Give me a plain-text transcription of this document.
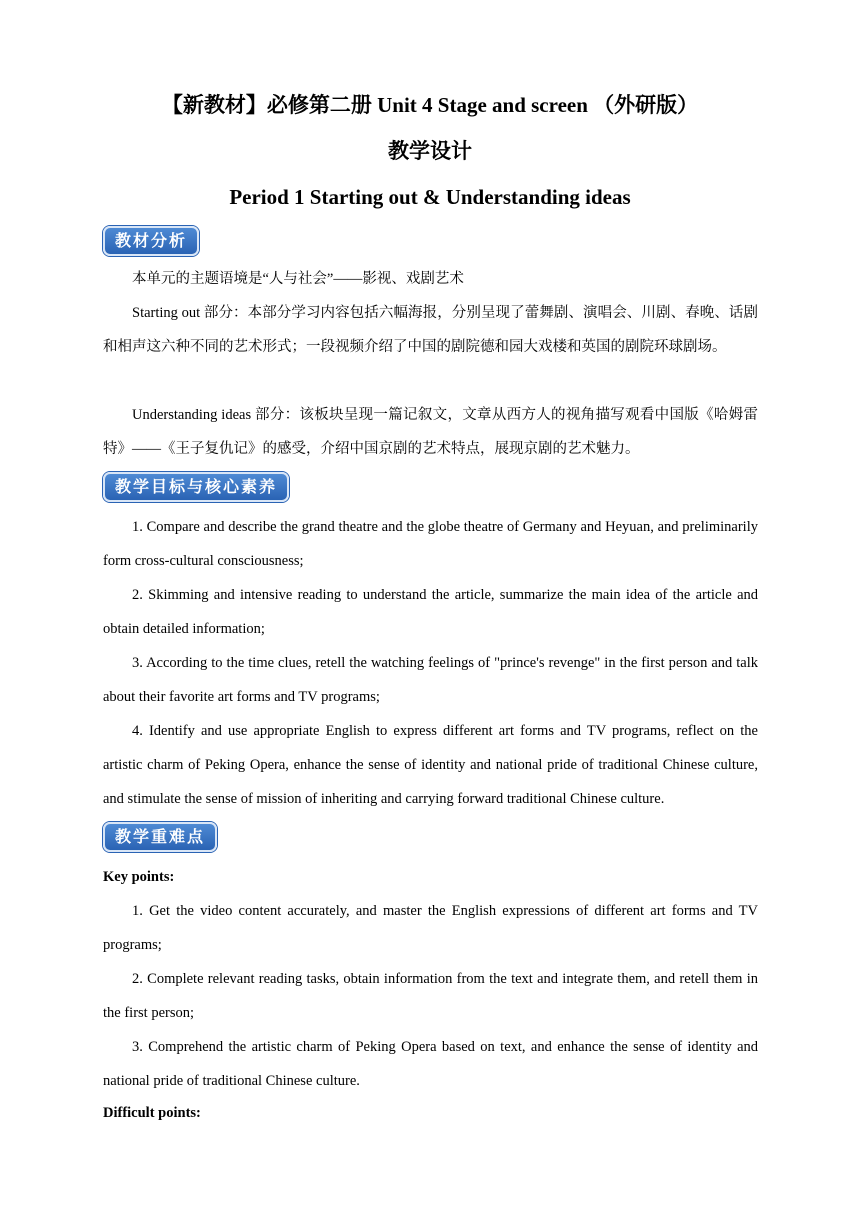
【新教材】必修第二册 Unit 4 Stage and screen （外研版）
教学设计
Period 1 Starting out & Understanding ideas
教材分析
本单元的主题语境是“人与社会”——影视、戏剧艺术
Starting out 部分：本部分学习内容包括六幅海报，分别呈现了蕾舞剧、演唱会、川剧、春晚、话剧和相声这六种不同的艺术形式；一段视频介绍了中国的剧院德和园大戏楼和英国的剧院环球剧场。
Understanding ideas 部分：该板块呈现一篇记叙文，文章从西方人的视角描写观看中国版《哈姆雷特》——《王子复仇记》的感受，介绍中国京剧的艺术特点，展现京剧的艺术魅力。
教学目标与核心素养
1. Compare and describe the grand theatre and the globe theatre of Germany and Heyuan, and preliminarily form cross-cultural consciousness;
2. Skimming and intensive reading to understand the article, summarize the main idea of the article and obtain detailed information;
3. According to the time clues, retell the watching feelings of "prince's revenge" in the first person and talk about their favorite art forms and TV programs;
4. Identify and use appropriate English to express different art forms and TV programs, reflect on the artistic charm of Peking Opera, enhance the sense of identity and national pride of traditional Chinese culture, and stimulate the sense of mission of inheriting and carrying forward traditional Chinese culture.
教学重难点
Key points:
1. Get the video content accurately, and master the English expressions of different art forms and TV programs;
2. Complete relevant reading tasks, obtain information from the text and integrate them, and retell them in the first person;
3. Comprehend the artistic charm of Peking Opera based on text, and enhance the sense of identity and national pride of traditional Chinese culture.
Difficult points:
